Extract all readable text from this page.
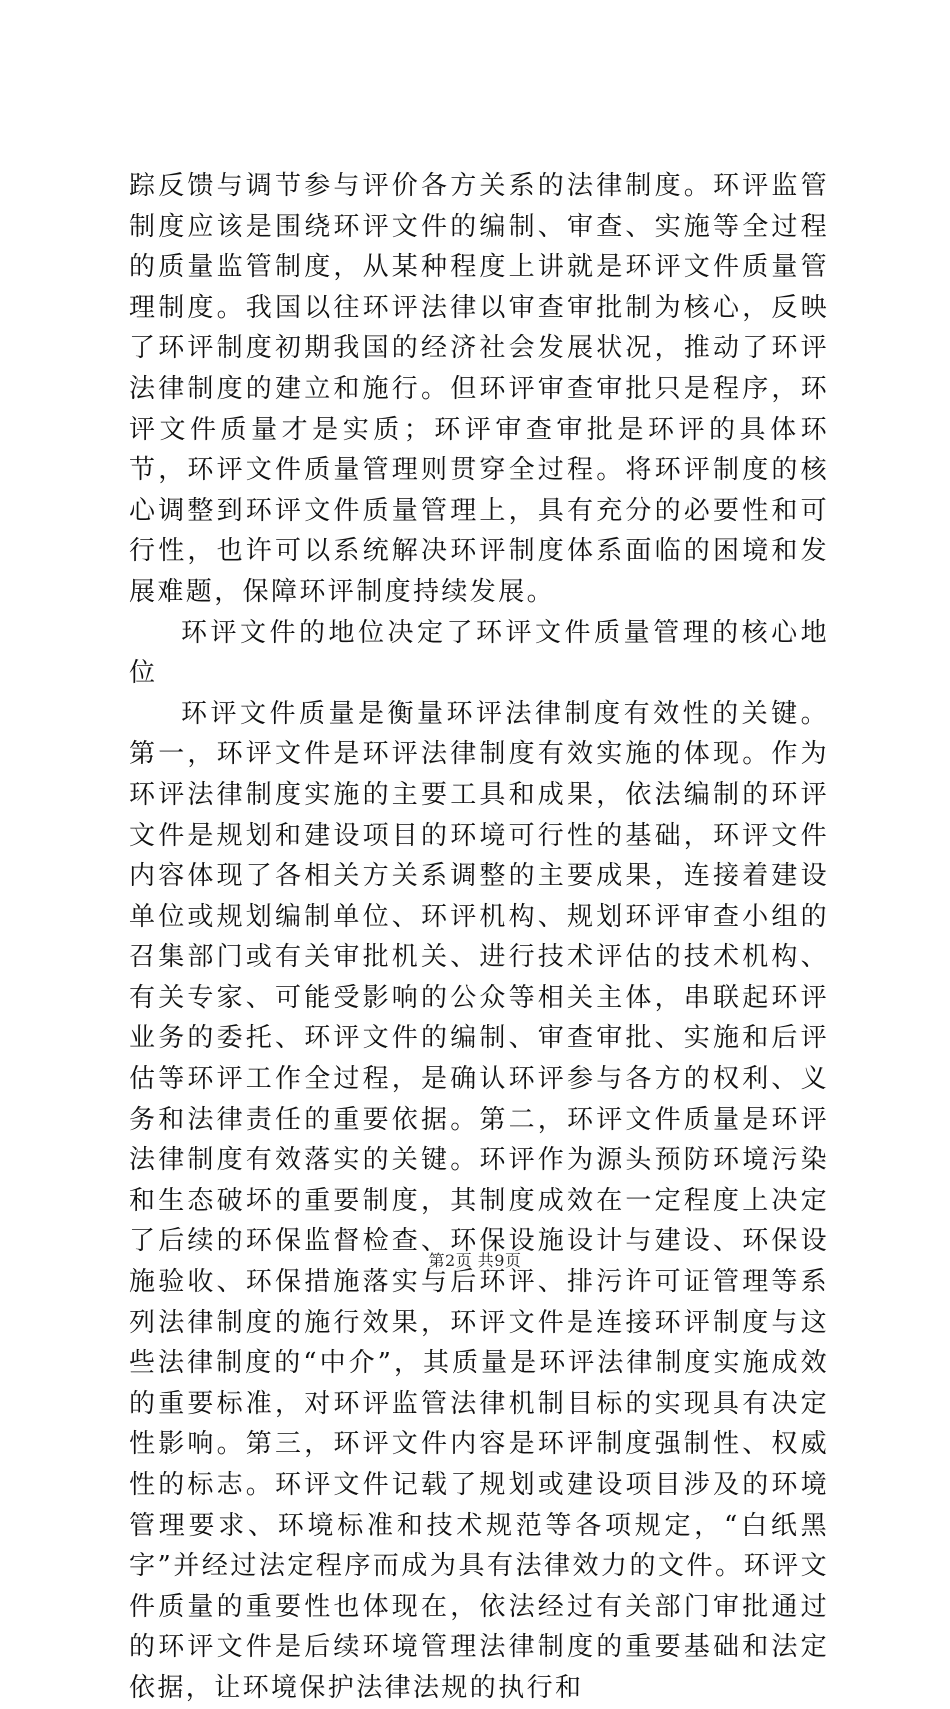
踪反馈与调节参与评价各方关系的法律制度。环评监管制度应该是围绕环评文件的编制、审查、实施等全过程的质量监管制度，从某种程度上讲就是环评文件质量管理制度。我国以往环评法律以审查审批制为核心，反映了环评制度初期我国的经济社会发展状况，推动了环评法律制度的建立和施行。但环评审查审批只是程序，环评文件质量才是实质；环评审查审批是环评的具体环节，环评文件质量管理则贯穿全过程。将环评制度的核心调整到环评文件质量管理上，具有充分的必要性和可行性，也许可以系统解决环评制度体系面临的困境和发展难题，保障环评制度持续发展。

环评文件的地位决定了环评文件质量管理的核心地位

环评文件质量是衡量环评法律制度有效性的关键。第一，环评文件是环评法律制度有效实施的体现。作为环评法律制度实施的主要工具和成果，依法编制的环评文件是规划和建设项目的环境可行性的基础，环评文件内容体现了各相关方关系调整的主要成果，连接着建设单位或规划编制单位、环评机构、规划环评审查小组的召集部门或有关审批机关、进行技术评估的技术机构、有关专家、可能受影响的公众等相关主体，串联起环评业务的委托、环评文件的编制、审查审批、实施和后评估等环评工作全过程，是确认环评参与各方的权利、义务和法律责任的重要依据。第二，环评文件质量是环评法律制度有效落实的关键。环评作为源头预防环境污染和生态破坏的重要制度，其制度成效在一定程度上决定了后续的环保监督检查、环保设施设计与建设、环保设施验收、环保措施落实与后环评、排污许可证管理等系列法律制度的施行效果，环评文件是连接环评制度与这些法律制度的“中介”，其质量是环评法律制度实施成效的重要标准，对环评监管法律机制目标的实现具有决定性影响。第三，环评文件内容是环评制度强制性、权威性的标志。环评文件记载了规划或建设项目涉及的环境管理要求、环境标准和技术规范等各项规定，“白纸黑字”并经过法定程序而成为具有法律效力的文件。环评文件质量的重要性也体现在，依法经过有关部门审批通过的环评文件是后续环境管理法律制度的重要基础和法定依据，让环境保护法律法规的执行和

第2页 共9页
